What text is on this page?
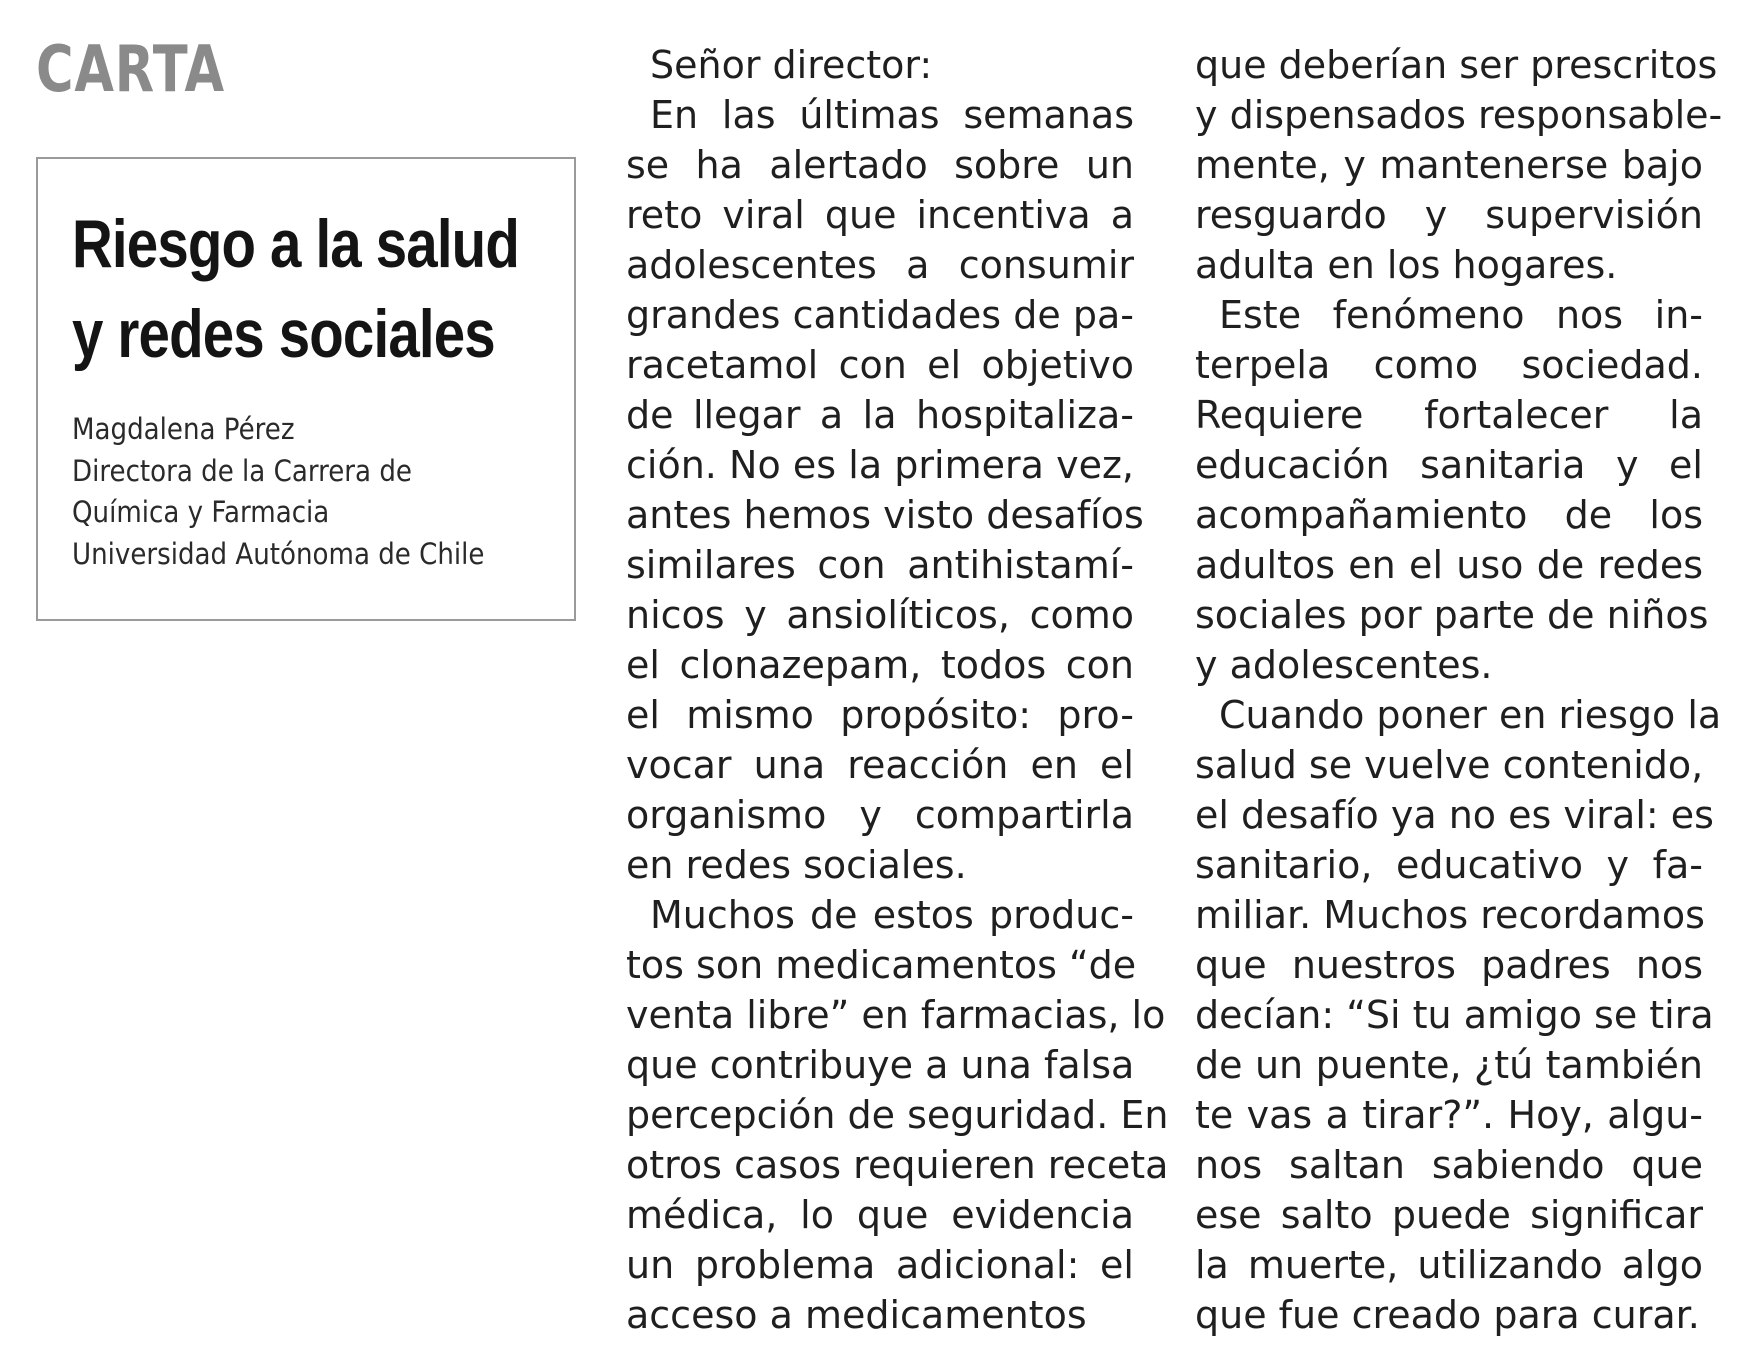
CARTA
Riesgo a la salud
y redes sociales
Magdalena Pérez
Directora de la Carrera de
Química y Farmacia
Universidad Autónoma de Chile
Señor director:
En las últimas semanas
se ha alertado sobre un
reto viral que incentiva a
adolescentes a consumir
grandes cantidades de pa-
racetamol con el objetivo
de llegar a la hospitaliza-
ción. No es la primera vez,
antes hemos visto desafíos
similares con antihistamí-
nicos y ansiolíticos, como
el clonazepam, todos con
el mismo propósito: pro-
vocar una reacción en el
organismo y compartirla
en redes sociales.
Muchos de estos produc-
tos son medicamentos “de
venta libre” en farmacias, lo
que contribuye a una falsa
percepción de seguridad. En
otros casos requieren receta
médica, lo que evidencia
un problema adicional: el
acceso a medicamentos
que deberían ser prescritos
y dispensados responsable-
mente, y mantenerse bajo
resguardo y supervisión
adulta en los hogares.
Este fenómeno nos in-
terpela como sociedad.
Requiere fortalecer la
educación sanitaria y el
acompañamiento de los
adultos en el uso de redes
sociales por parte de niños
y adolescentes.
Cuando poner en riesgo la
salud se vuelve contenido,
el desafío ya no es viral: es
sanitario, educativo y fa-
miliar. Muchos recordamos
que nuestros padres nos
decían: “Si tu amigo se tira
de un puente, ¿tú también
te vas a tirar?”. Hoy, algu-
nos saltan sabiendo que
ese salto puede significar
la muerte, utilizando algo
que fue creado para curar.
